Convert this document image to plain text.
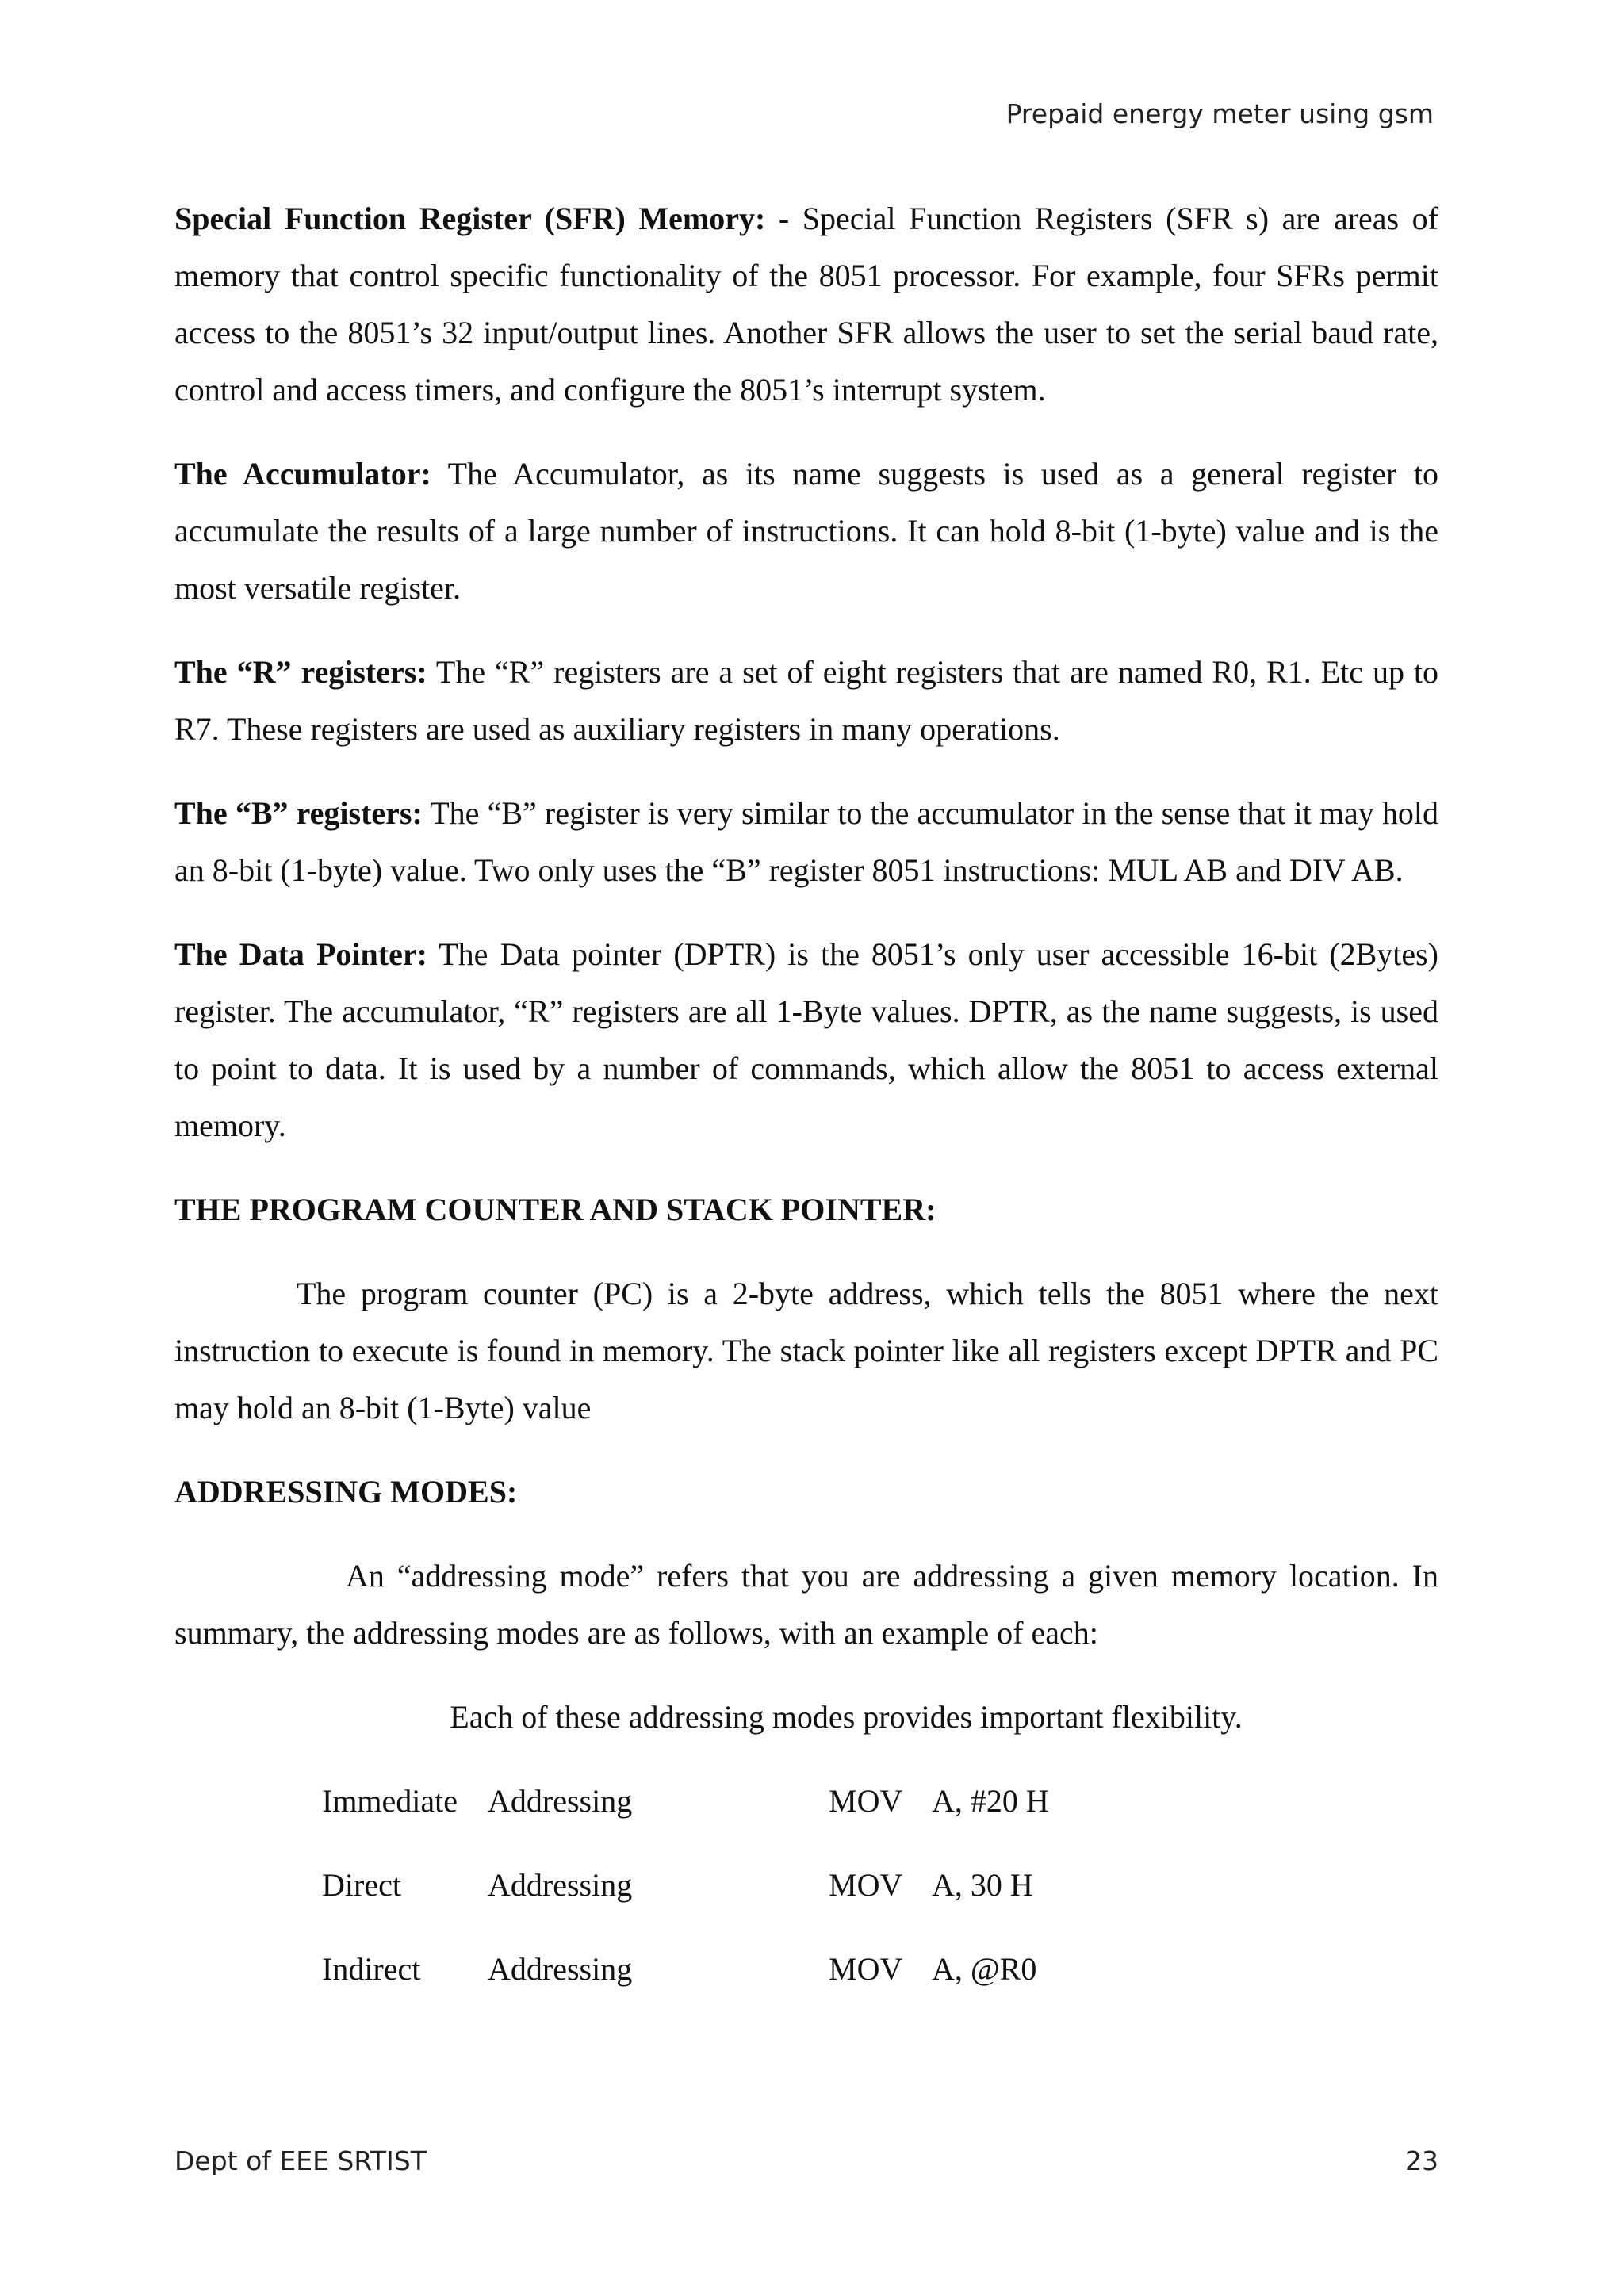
Prepaid energy meter using gsm

Special Function Register (SFR) Memory: - Special Function Registers (SFR s) are areas of memory that control specific functionality of the 8051 processor. For example, four SFRs permit access to the 8051’s 32 input/output lines. Another SFR allows the user to set the serial baud rate, control and access timers, and configure the 8051’s interrupt system.

The Accumulator: The Accumulator, as its name suggests is used as a general register to accumulate the results of a large number of instructions. It can hold 8-bit (1-byte) value and is the most versatile register.

The “R” registers: The “R” registers are a set of eight registers that are named R0, R1. Etc up to R7. These registers are used as auxiliary registers in many operations.

The “B” registers: The “B” register is very similar to the accumulator in the sense that it may hold an 8-bit (1-byte) value. Two only uses the “B” register 8051 instructions: MUL AB and DIV AB.

The Data Pointer: The Data pointer (DPTR) is the 8051’s only user accessible 16-bit (2Bytes) register. The accumulator, “R” registers are all 1-Byte values. DPTR, as the name suggests, is used to point to data. It is used by a number of commands, which allow the 8051 to access external memory.

THE PROGRAM COUNTER AND STACK POINTER:

The program counter (PC) is a 2-byte address, which tells the 8051 where the next instruction to execute is found in memory. The stack pointer like all registers except DPTR and PC may hold an 8-bit (1-Byte) value

ADDRESSING MODES:

An “addressing mode” refers that you are addressing a given memory location. In summary, the addressing modes are as follows, with an example of each:

Each of these addressing modes provides important flexibility.

Immediate Addressing	MOV A, #20 H
Direct	Addressing	MOV A, 30 H
Indirect Addressing	MOV A, @R0
Dept of EEE SRTIST	23
